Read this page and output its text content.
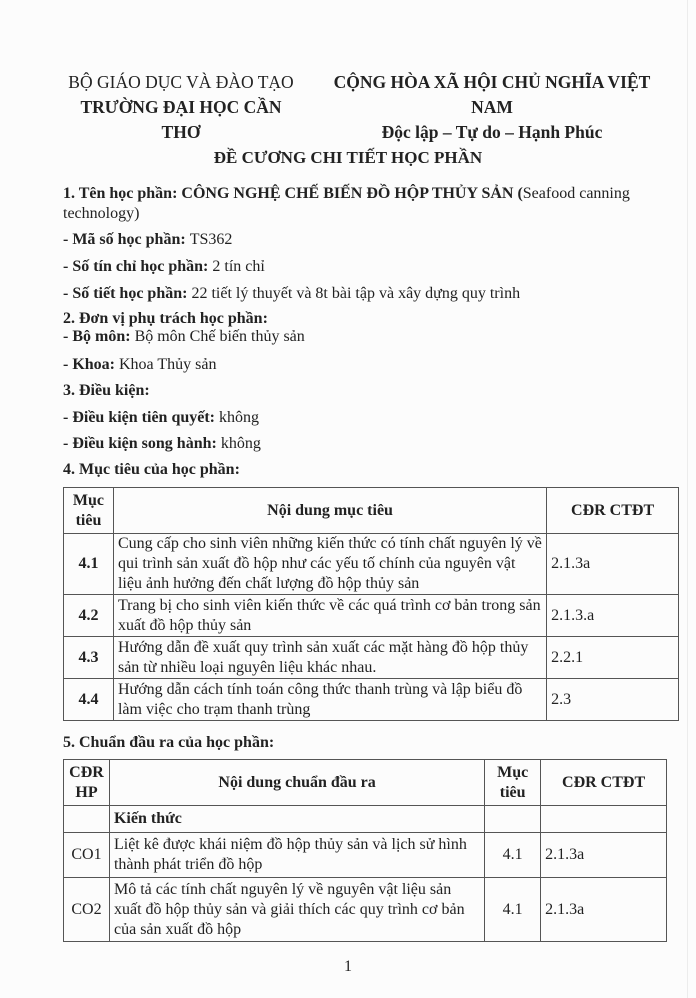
BỘ GIÁO DỤC VÀ ĐÀO TẠO
TRƯỜNG ĐẠI HỌC CẦN THƠ
CỘNG HÒA XÃ HỘI CHỦ NGHĨA VIỆT NAM
Độc lập – Tự do – Hạnh Phúc
ĐỀ CƯƠNG CHI TIẾT HỌC PHẦN
1. Tên học phần: CÔNG NGHỆ CHẾ BIẾN ĐỒ HỘP THỦY SẢN (Seafood canning
technology)
- Mã số học phần: TS362
- Số tín chỉ học phần: 2 tín chỉ
- Số tiết học phần: 22 tiết lý thuyết và 8t bài tập và xây dựng quy trình
2. Đơn vị phụ trách học phần:
- Bộ môn: Bộ môn Chế biến thủy sản
- Khoa: Khoa Thủy sản
3. Điều kiện:
- Điều kiện tiên quyết: không
- Điều kiện song hành: không
4. Mục tiêu của học phần:
Mục tiêu	Nội dung mục tiêu	CĐR CTĐT
4.1	Cung cấp cho sinh viên những kiến thức có tính chất nguyên lý về qui trình sản xuất đồ hộp như các yếu tố chính của nguyên vật liệu ảnh hưởng đến chất lượng đồ hộp thủy sản	2.1.3a
4.2	Trang bị cho sinh viên kiến thức về các quá trình cơ bản trong sản xuất đồ hộp thủy sản	2.1.3.a
4.3	Hướng dẫn đề xuất quy trình sản xuất các mặt hàng đồ hộp thủy sản từ nhiều loại nguyên liệu khác nhau.	2.2.1
4.4	Hướng dẫn cách tính toán công thức thanh trùng và lập biểu đồ làm việc cho trạm thanh trùng	2.3
5. Chuẩn đầu ra của học phần:
CĐR HP	Nội dung chuẩn đầu ra	Mục tiêu	CĐR CTĐT
	Kiến thức		
CO1	Liệt kê được khái niệm đồ hộp thủy sản và lịch sử hình thành phát triển đồ hộp	4.1	2.1.3a
CO2	Mô tả các tính chất nguyên lý về nguyên vật liệu sản xuất đồ hộp thủy sản và giải thích các quy trình cơ bản của sản xuất đồ hộp	4.1	2.1.3a
1
